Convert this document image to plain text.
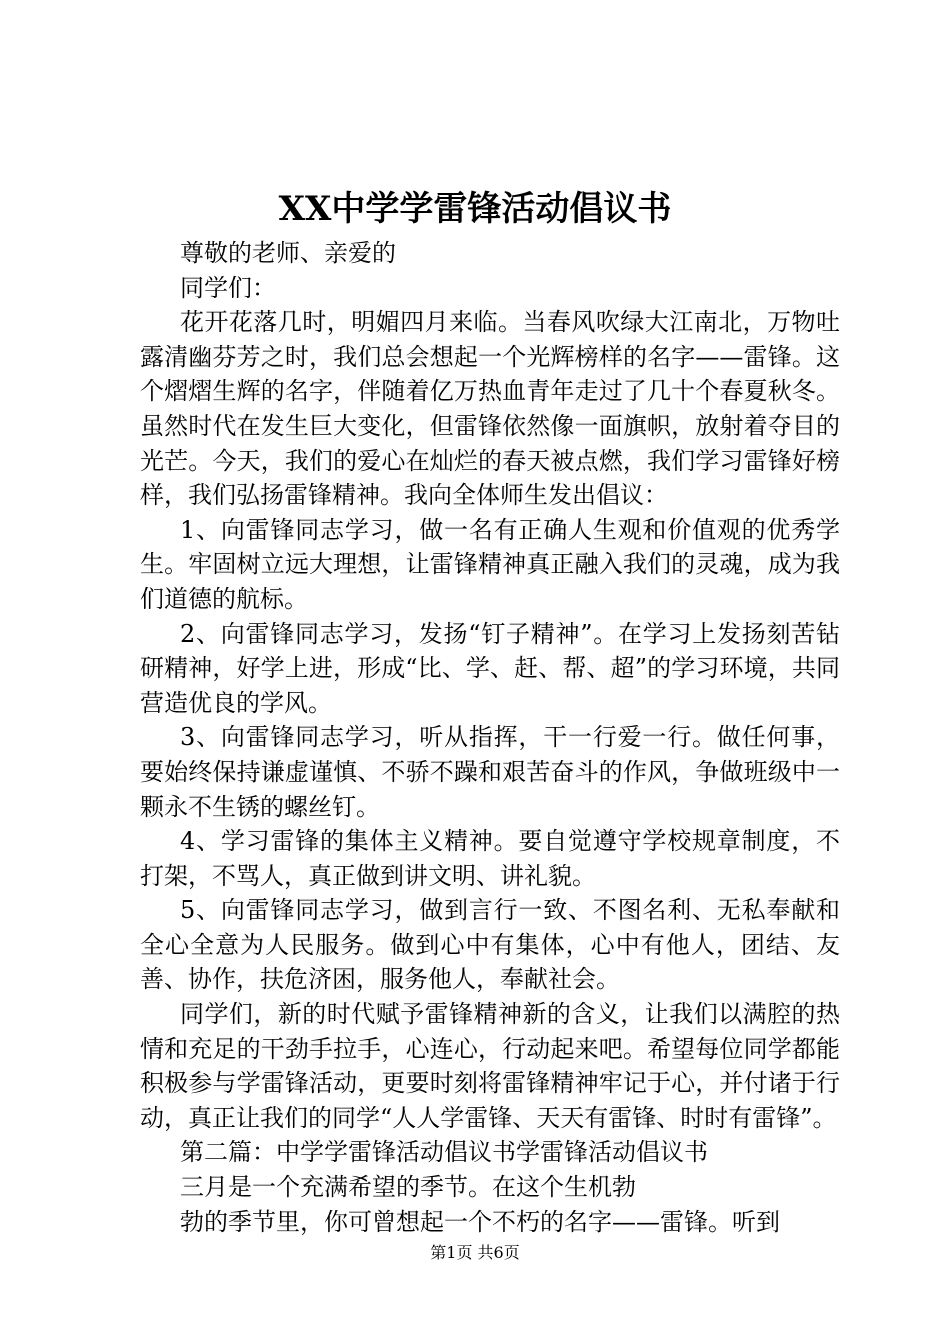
XX中学学雷锋活动倡议书

尊敬的老师、亲爱的

同学们：

花开花落几时，明媚四月来临。当春风吹绿大江南北，万物吐露清幽芬芳之时，我们总会想起一个光辉榜样的名字——雷锋。这个熠熠生辉的名字，伴随着亿万热血青年走过了几十个春夏秋冬。虽然时代在发生巨大变化，但雷锋依然像一面旗帜，放射着夺目的光芒。今天，我们的爱心在灿烂的春天被点燃，我们学习雷锋好榜样，我们弘扬雷锋精神。我向全体师生发出倡议：

1、向雷锋同志学习，做一名有正确人生观和价值观的优秀学生。牢固树立远大理想，让雷锋精神真正融入我们的灵魂，成为我们道德的航标。

2、向雷锋同志学习，发扬“钉子精神”。在学习上发扬刻苦钻研精神，好学上进，形成“比、学、赶、帮、超”的学习环境，共同营造优良的学风。

3、向雷锋同志学习，听从指挥，干一行爱一行。做任何事，要始终保持谦虚谨慎、不骄不躁和艰苦奋斗的作风，争做班级中一颗永不生锈的螺丝钉。

4、学习雷锋的集体主义精神。要自觉遵守学校规章制度，不打架，不骂人，真正做到讲文明、讲礼貌。

5、向雷锋同志学习，做到言行一致、不图名利、无私奉献和全心全意为人民服务。做到心中有集体，心中有他人，团结、友善、协作，扶危济困，服务他人，奉献社会。

同学们，新的时代赋予雷锋精神新的含义，让我们以满腔的热情和充足的干劲手拉手，心连心，行动起来吧。希望每位同学都能积极参与学雷锋活动，更要时刻将雷锋精神牢记于心，并付诸于行动，真正让我们的同学“人人学雷锋、天天有雷锋、时时有雷锋”。

第二篇：中学学雷锋活动倡议书学雷锋活动倡议书

三月是一个充满希望的季节。在这个生机勃

勃的季节里，你可曾想起一个不朽的名字——雷锋。听到

第1页 共6页
